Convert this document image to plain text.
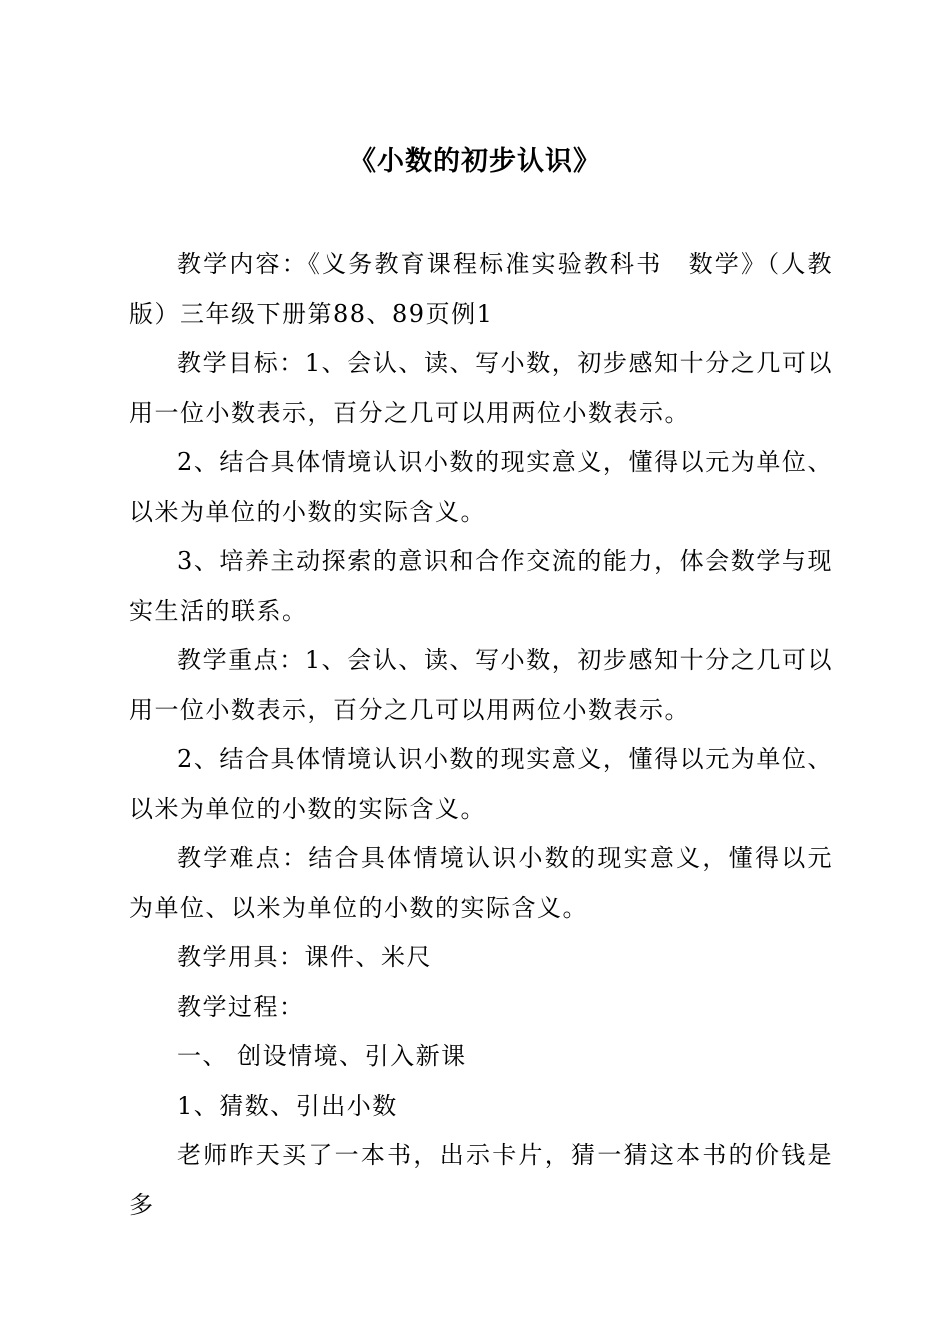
《小数的初步认识》

教学内容：《义务教育课程标准实验教科书　数学》（人教版）三年级下册第88、89页例1

教学目标：1、会认、读、写小数，初步感知十分之几可以用一位小数表示，百分之几可以用两位小数表示。

2、结合具体情境认识小数的现实意义，懂得以元为单位、以米为单位的小数的实际含义。

3、培养主动探索的意识和合作交流的能力，体会数学与现实生活的联系。

教学重点：1、会认、读、写小数，初步感知十分之几可以用一位小数表示，百分之几可以用两位小数表示。

2、结合具体情境认识小数的现实意义，懂得以元为单位、以米为单位的小数的实际含义。

教学难点：结合具体情境认识小数的现实意义，懂得以元为单位、以米为单位的小数的实际含义。

教学用具：课件、米尺

教学过程：

一、 创设情境、引入新课

1、猜数、引出小数

老师昨天买了一本书，出示卡片，猜一猜这本书的价钱是多
